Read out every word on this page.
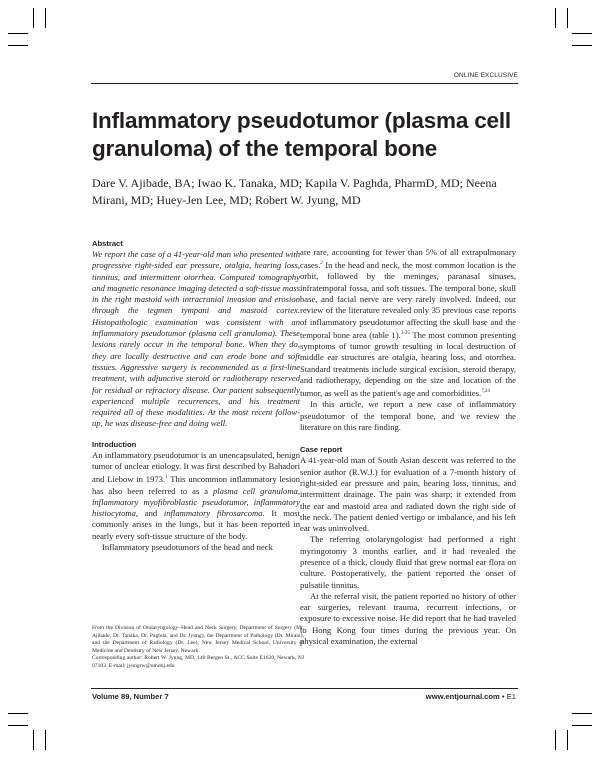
ONLINE EXCLUSIVE
Inflammatory pseudotumor (plasma cell granuloma) of the temporal bone

Dare V. Ajibade, BA; Iwao K. Tanaka, MD; Kapila V. Paghda, PharmD, MD; Neena Mirani, MD; Huey-Jen Lee, MD; Robert W. Jyung, MD

Abstract

We report the case of a 41-year-old man who presented with progressive right-sided ear pressure, otalgia, hearing loss, tinnitus, and intermittent otorrhea. Computed tomography and magnetic resonance imaging detected a soft-tissue mass in the right mastoid with intracranial invasion and erosion through the tegmen tympani and mastoid cortex. Histopathologic examination was consistent with an inflammatory pseudotumor (plasma cell granuloma). These lesions rarely occur in the temporal bone. When they do, they are locally destructive and can erode bone and soft tissues. Aggressive surgery is recommended as a first-line treatment, with adjunctive steroid or radiotherapy reserved for residual or refractory disease. Our patient subsequently experienced multiple recurrences, and his treatment required all of these modalities. At the most recent follow-up, he was disease-free and doing well.

Introduction

An inflammatory pseudotumor is an unencapsulated, benign tumor of unclear etiology. It was first described by Bahadori and Liebow in 1973.$^1$ This uncommon inflammatory lesion has also been referred to as a plasma cell granuloma, inflammatory myofibroblastic pseudotumor, inflammatory histiocytoma, and inflammatory fibrosarcoma. It most commonly arises in the lungs, but it has been reported in nearly every soft-tissue structure of the body.

Inflammatory pseudotumors of the head and neck

From the Division of Otolaryngology–Head and Neck Surgery, Department of Surgery (Mr. Ajibade, Dr. Tanaka, Dr. Paghda, and Dr. Jyung), the Department of Pathology (Dr. Mirani), and the Department of Radiology (Dr. Lee), New Jersey Medical School, University of Medicine and Dentistry of New Jersey, Newark.

Corresponding author: Robert W. Jyung, MD, 140 Bergen St., ACC Suite E1620, Newark, NJ 07103. E-mail: jyungrw@umdnj.edu

are rare, accounting for fewer than 5% of all extrapulmonary cases.$^2$ In the head and neck, the most common location is the orbit, followed by the meninges, paranasal sinuses, infratemporal fossa, and soft tissues. The temporal bone, skull base, and facial nerve are very rarely involved. Indeed, our review of the literature revealed only 35 previous case reports of inflammatory pseudotumor affecting the skull base and the temporal bone area (table 1).$^{3-25}$ The most common presenting symptoms of tumor growth resulting in local destruction of middle ear structures are otalgia, hearing loss, and otorrhea. Standard treatments include surgical excision, steroid therapy, and radiotherapy, depending on the size and location of the tumor, as well as the patient's age and comorbidities.$^{7,24}$

In this article, we report a new case of inflammatory pseudotumor of the temporal bone, and we review the literature on this rare finding.

Case report

A 41-year-old man of South Asian descent was referred to the senior author (R.W.J.) for evaluation of a 7-month history of right-sided ear pressure and pain, hearing loss, tinnitus, and intermittent drainage. The pain was sharp; it extended from the ear and mastoid area and radiated down the right side of the neck. The patient denied vertigo or imbalance, and his left ear was uninvolved.

The referring otolaryngologist had performed a right myringotomy 3 months earlier, and it had revealed the presence of a thick, cloudy fluid that grew normal ear flora on culture. Postoperatively, the patient reported the onset of pulsatile tinnitus.

At the referral visit, the patient reported no history of other ear surgeries, relevant trauma, recurrent infections, or exposure to excessive noise. He did report that he had traveled to Hong Kong four times during the previous year. On physical examination, the external

Volume 89, Number 7	www.entjournal.com • E1
